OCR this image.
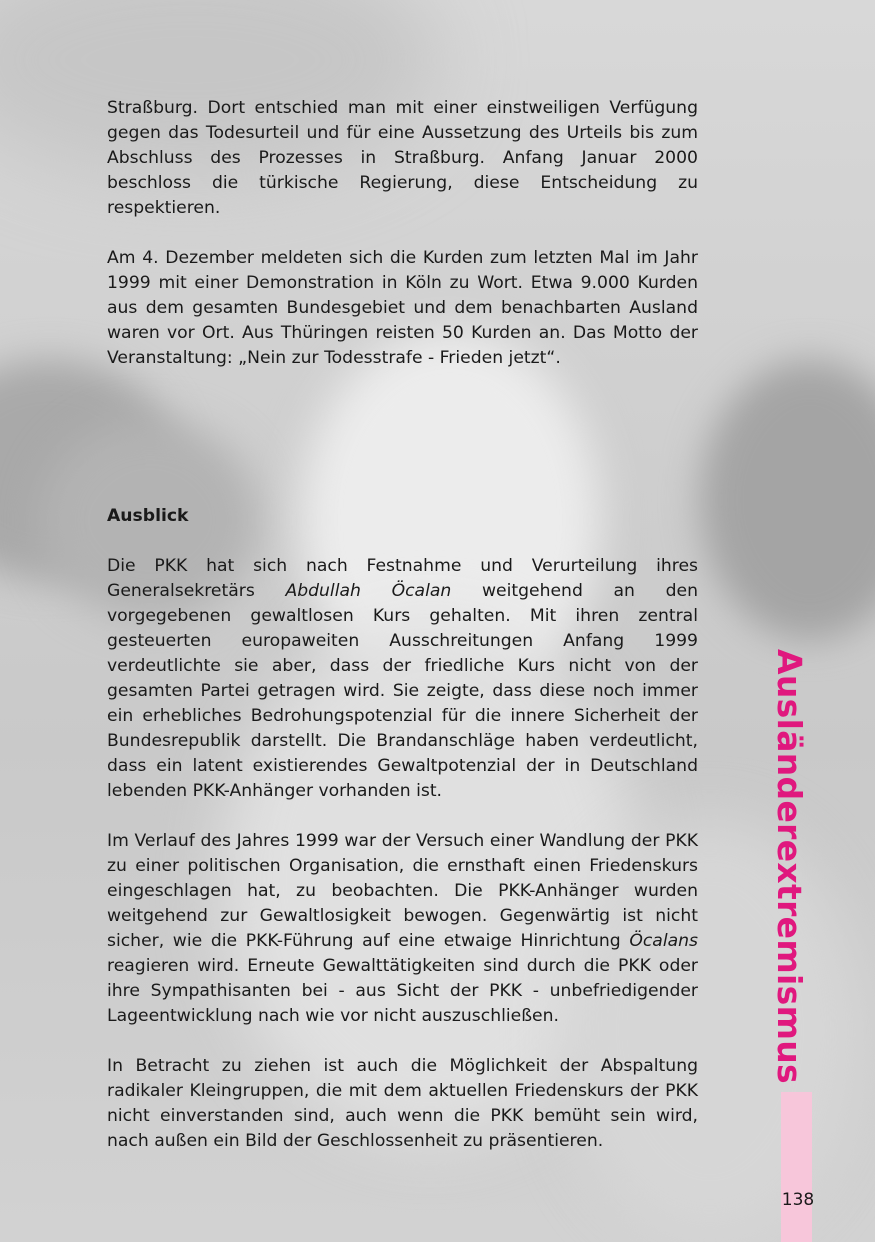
Straßburg. Dort entschied man mit einer einstweiligen Verfügung gegen das Todesurteil und für eine Aussetzung des Urteils bis zum Abschluss des Prozesses in Straßburg. Anfang Januar 2000 beschloss die türkische Regierung, diese Entscheidung zu respektieren.

Am 4. Dezember meldeten sich die Kurden zum letzten Mal im Jahr 1999 mit einer Demonstration in Köln zu Wort. Etwa 9.000 Kurden aus dem gesamten Bundesgebiet und dem benachbarten Ausland waren vor Ort. Aus Thüringen reisten 50 Kurden an. Das Motto der Veranstaltung: „Nein zur Todesstrafe - Frieden jetzt“.

Ausblick

Die PKK hat sich nach Festnahme und Verurteilung ihres Generalsekretärs Abdullah Öcalan weitgehend an den vorgegebenen gewaltlosen Kurs gehalten. Mit ihren zentral gesteuerten europaweiten Ausschreitungen Anfang 1999 verdeutlichte sie aber, dass der friedliche Kurs nicht von der gesamten Partei getragen wird. Sie zeigte, dass diese noch immer ein erhebliches Bedrohungspotenzial für die innere Sicherheit der Bundesrepublik darstellt. Die Brandanschläge haben verdeutlicht, dass ein latent existierendes Gewaltpotenzial der in Deutschland lebenden PKK-Anhänger vorhanden ist.

Im Verlauf des Jahres 1999 war der Versuch einer Wandlung der PKK zu einer politischen Organisation, die ernsthaft einen Friedenskurs eingeschlagen hat, zu beobachten. Die PKK-Anhänger wurden weitgehend zur Gewaltlosigkeit bewogen. Gegenwärtig ist nicht sicher, wie die PKK-Führung auf eine etwaige Hinrichtung Öcalans reagieren wird. Erneute Gewalttätigkeiten sind durch die PKK oder ihre Sympathisanten bei - aus Sicht der PKK - unbefriedigender Lageentwicklung nach wie vor nicht auszuschließen.

In Betracht zu ziehen ist auch die Möglichkeit der Abspaltung radikaler Kleingruppen, die mit dem aktuellen Friedenskurs der PKK nicht einverstanden sind, auch wenn die PKK bemüht sein wird, nach außen ein Bild der Geschlossenheit zu präsentieren.

Ausländerextremismus
138
